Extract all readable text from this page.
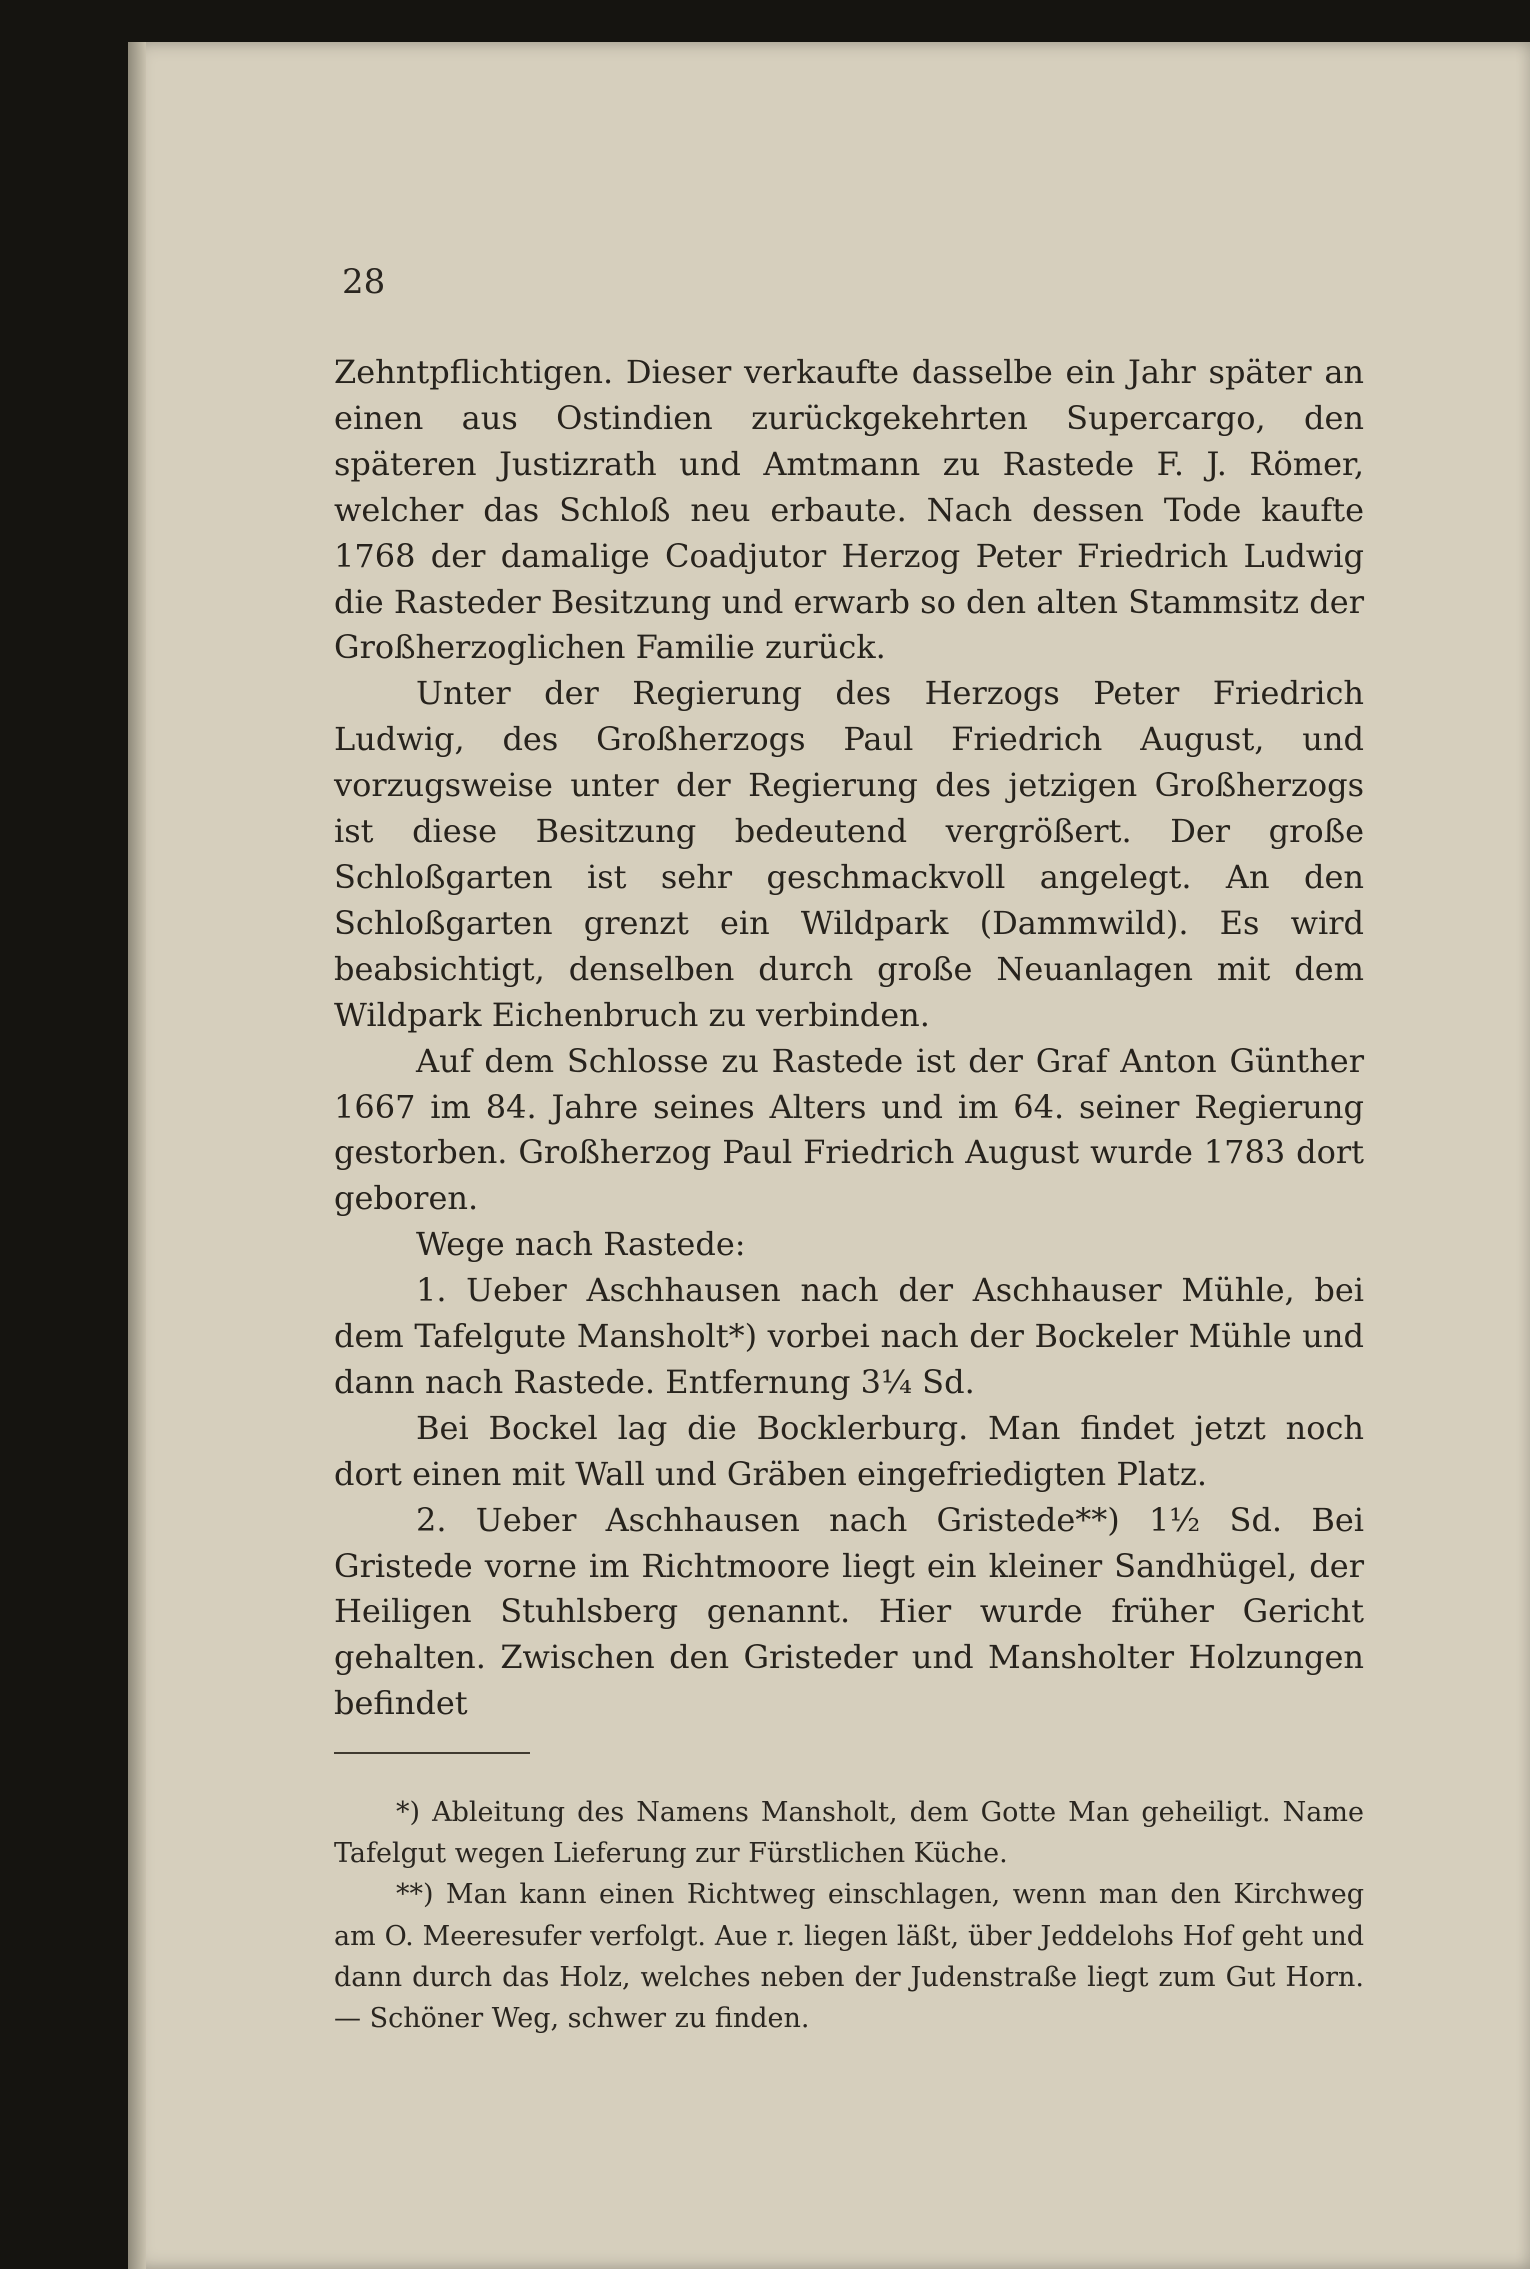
28

Zehntpflichtigen. Dieser verkaufte dasselbe ein Jahr später an einen aus Ostindien zurückgekehrten Supercargo, den späteren Justizrath und Amtmann zu Rastede F. J. Römer, welcher das Schloß neu erbaute. Nach dessen Tode kaufte 1768 der damalige Coadjutor Herzog Peter Friedrich Ludwig die Rasteder Besitzung und erwarb so den alten Stammsitz der Großherzoglichen Familie zurück.

Unter der Regierung des Herzogs Peter Friedrich Ludwig, des Großherzogs Paul Friedrich August, und vorzugsweise unter der Regierung des jetzigen Großherzogs ist diese Besitzung bedeutend vergrößert. Der große Schloßgarten ist sehr geschmackvoll angelegt. An den Schloßgarten grenzt ein Wildpark (Dammwild). Es wird beabsichtigt, denselben durch große Neuanlagen mit dem Wildpark Eichenbruch zu verbinden.

Auf dem Schlosse zu Rastede ist der Graf Anton Günther 1667 im 84. Jahre seines Alters und im 64. seiner Regierung gestorben. Großherzog Paul Friedrich August wurde 1783 dort geboren.

Wege nach Rastede:

1. Ueber Aschhausen nach der Aschhauser Mühle, bei dem Tafelgute Mansholt*) vorbei nach der Bockeler Mühle und dann nach Rastede. Entfernung 3¼ Sd.

Bei Bockel lag die Bocklerburg. Man findet jetzt noch dort einen mit Wall und Gräben eingefriedigten Platz.

2. Ueber Aschhausen nach Gristede**) 1½ Sd. Bei Gristede vorne im Richtmoore liegt ein kleiner Sandhügel, der Heiligen Stuhlsberg genannt. Hier wurde früher Gericht gehalten. Zwischen den Gristeder und Mansholter Holzungen befindet

*) Ableitung des Namens Mansholt, dem Gotte Man geheiligt. Name Tafelgut wegen Lieferung zur Fürstlichen Küche.

**) Man kann einen Richtweg einschlagen, wenn man den Kirchweg am O. Meeresufer verfolgt. Aue r. liegen läßt, über Jeddelohs Hof geht und dann durch das Holz, welches neben der Judenstraße liegt zum Gut Horn. — Schöner Weg, schwer zu finden.
